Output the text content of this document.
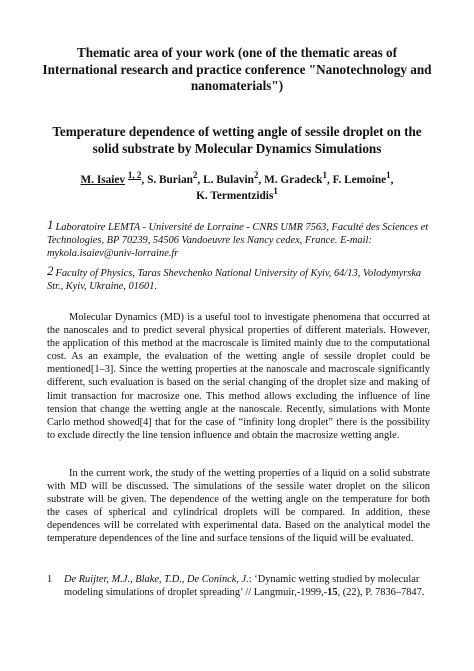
Thematic area of your work (one of the thematic areas of International research and practice conference "Nanotechnology and nanomaterials")
Temperature dependence of wetting angle of sessile droplet on the solid substrate by Molecular Dynamics Simulations
M. Isaiev $^{1, 2}$, S. Burian$^2$, L. Bulavin$^2$, M. Gradeck$^1$, F. Lemoine$^1$,
K. Termentzidis$^1$
$^1$ Laboratoire LEMTA - Université de Lorraine - CNRS UMR 7563, Faculté des Sciences et Technologies, BP 70239, 54506 Vandoeuvre les Nancy cedex, France. E-mail: mykola.isaiev@univ-lorraine.fr
$^2$ Faculty of Physics, Taras Shevchenko National University of Kyiv, 64/13, Volodymyrska Str., Kyiv, Ukraine, 01601.

Molecular Dynamics (MD) is a useful tool to investigate phenomena that occurred at the nanoscales and to predict several physical properties of different materials. However, the application of this method at the macroscale is limited mainly due to the computational cost. As an example, the evaluation of the wetting angle of sessile droplet could be mentioned[1–3]. Since the wetting properties at the nanoscale and macroscale significantly different, such evaluation is based on the serial changing of the droplet size and making of limit transaction for macrosize one. This method allows excluding the influence of line tension that change the wetting angle at the nanoscale. Recently, simulations with Monte Carlo method showed[4] that for the case of “infinity long droplet” there is the possibility to exclude directly the line tension influence and obtain the macrosize wetting angle.

In the current work, the study of the wetting properties of a liquid on a solid substrate with MD will be discussed. The simulations of the sessile water droplet on the silicon substrate will be given. The dependence of the wetting angle on the temperature for both the cases of spherical and cylindrical droplets will be compared. In addition, these dependences will be correlated with experimental data. Based on the analytical model the temperature dependences of the line and surface tensions of the liquid will be evaluated.

1	De Ruijter, M.J., Blake, T.D., De Coninck, J.: ‘Dynamic wetting studied by molecular modeling simulations of droplet spreading’ // Langmuir,-1999,-15, (22), P. 7836–7847.
